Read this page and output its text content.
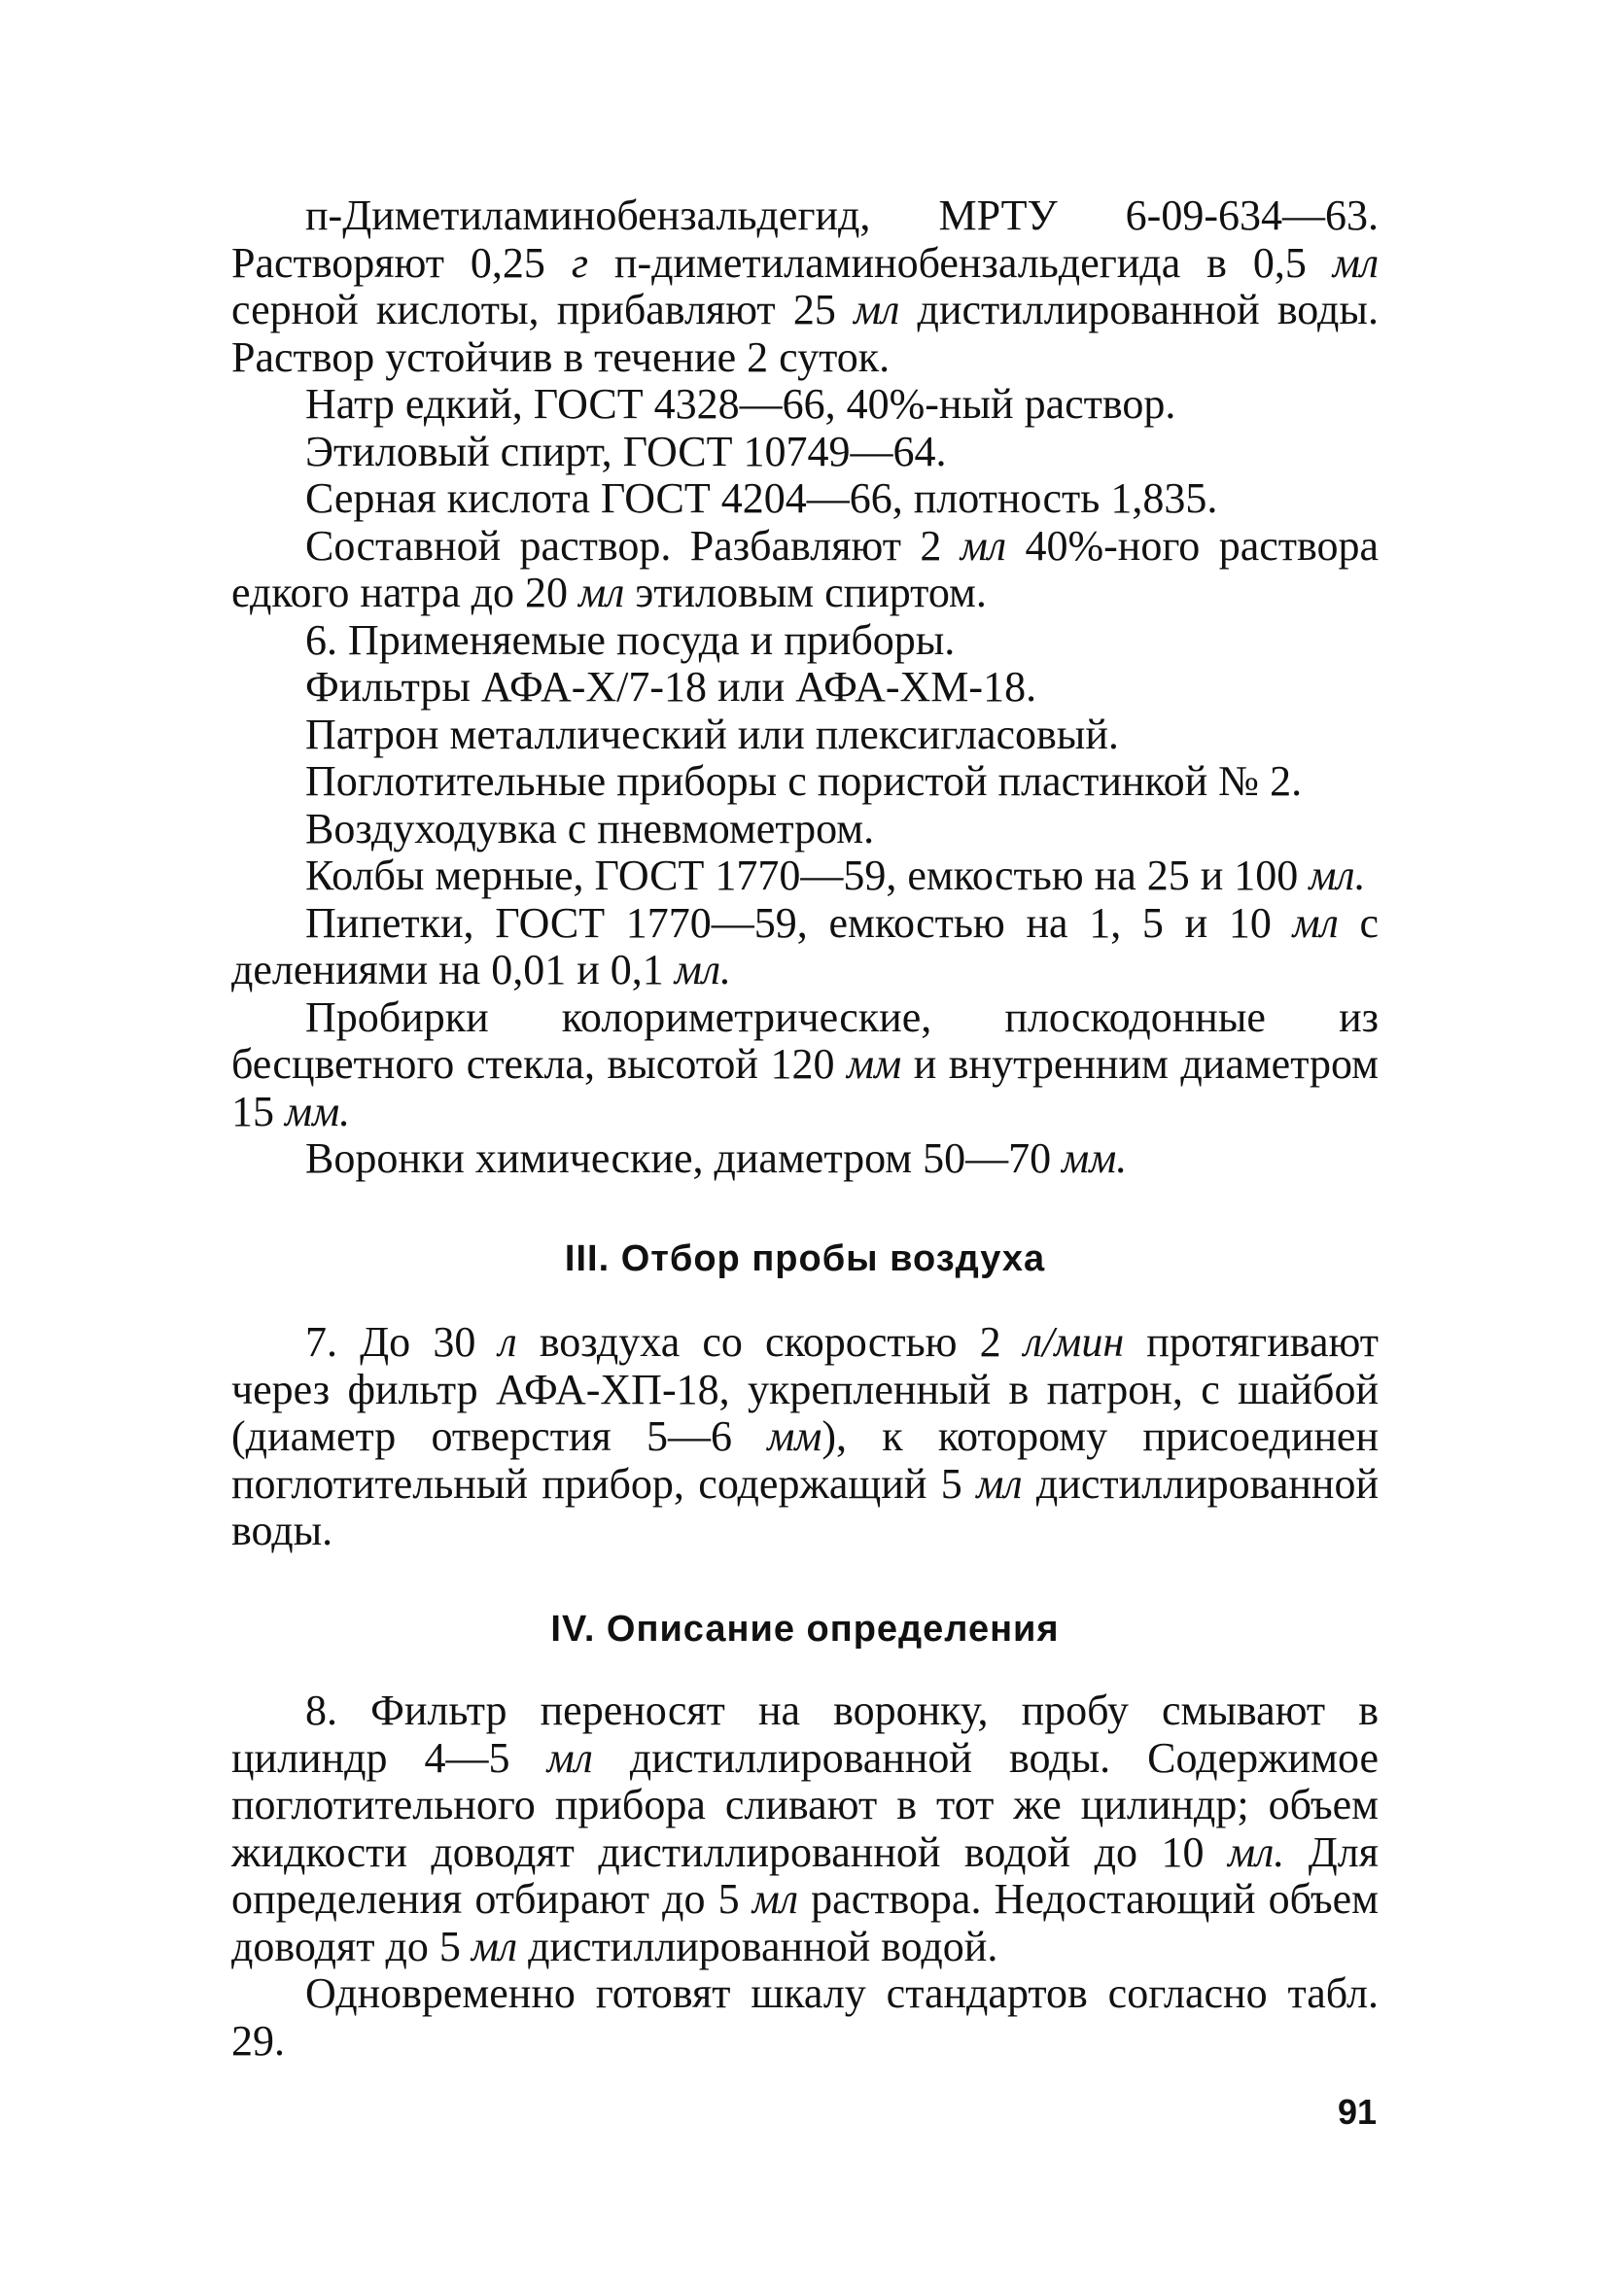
п-Диметиламинобензальдегид, МРТУ 6-09-634—63. Растворяют 0,25 г п-диметиламинобензальдегида в 0,5 мл серной кислоты, прибавляют 25 мл дистиллированной воды. Раствор устойчив в течение 2 суток.

Натр едкий, ГОСТ 4328—66, 40%-ный раствор.

Этиловый спирт, ГОСТ 10749—64.

Серная кислота ГОСТ 4204—66, плотность 1,835.

Составной раствор. Разбавляют 2 мл 40%-ного раствора едкого натра до 20 мл этиловым спиртом.

6. Применяемые посуда и приборы.

Фильтры АФА-Х/7-18 или АФА-ХМ-18.

Патрон металлический или плексигласовый.

Поглотительные приборы с пористой пластинкой № 2.

Воздуходувка с пневмометром.

Колбы мерные, ГОСТ 1770—59, емкостью на 25 и 100 мл.

Пипетки, ГОСТ 1770—59, емкостью на 1, 5 и 10 мл с делениями на 0,01 и 0,1 мл.

Пробирки колориметрические, плоскодонные из бесцветного стекла, высотой 120 мм и внутренним диаметром 15 мм.

Воронки химические, диаметром 50—70 мм.

III. Отбор пробы воздуха

7. До 30 л воздуха со скоростью 2 л/мин протягивают через фильтр АФА-ХП-18, укрепленный в патрон, с шайбой (диаметр отверстия 5—6 мм), к которому присоединен поглотительный прибор, содержащий 5 мл дистиллированной воды.

IV. Описание определения

8. Фильтр переносят на воронку, пробу смывают в цилиндр 4—5 мл дистиллированной воды. Содержимое поглотительного прибора сливают в тот же цилиндр; объем жидкости доводят дистиллированной водой до 10 мл. Для определения отбирают до 5 мл раствора. Недостающий объем доводят до 5 мл дистиллированной водой.

Одновременно готовят шкалу стандартов согласно табл. 29.

91
